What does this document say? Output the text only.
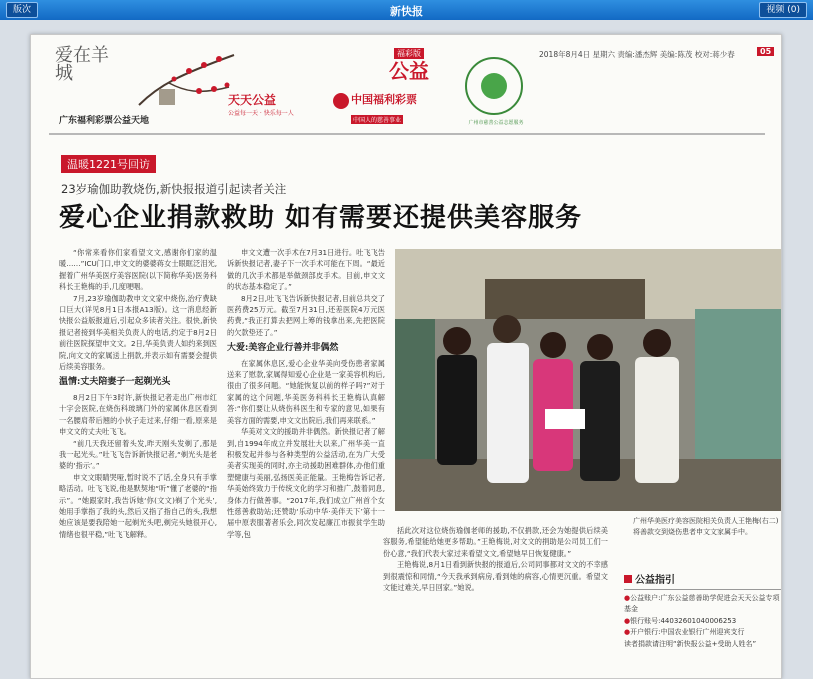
版次	新快报	视频 (0)
爱在羊城
广东福利彩票公益天地
福彩版
公益
天天公益
公益每一天 · 快乐每一人
中国福利彩票
中国人的慈善事业	广州市慈善公益志愿服务
2018年8月4日 星期六 责编:潘杰辉 美编:陈茂 校对:蒋少春	05
温暖1221号回访
23岁瑜伽助教烧伤,新快报报道引起读者关注
爱心企业捐款救助 如有需要还提供美容服务

“你常来看你们家看望文文,感谢你们家的温暖……”ICU门口,申文文的婆婆蒋女士眼眶泛泪光,握着广州华美医疗美容医院(以下简称华美)医务科科长王艳梅的手,几度哽咽。

7月,23岁瑜伽助教申文文家中烧伤,治疗费缺口巨大(详见8月1日本报A13版)。这一消息经新快报公益版报道后,引起众多读者关注。很快,新快报记者接到华美相关负责人的电话,约定于8月2日前往医院探望申文文。2日,华美负责人如约来到医院,向文文的家属送上捐款,并表示如有需要会提供后续美容服务。

温情:丈夫陪妻子一起剃光头

8月2日下午3时许,新快报记者走出广州市红十字会医院,在烧伤科玻璃门外的家属休息区看到一名腰肩带后翘的小伙子走过来,仔细一看,原来是申文文的丈夫吐飞飞。

“前几天我还留着头发,昨天刚头发剃了,那是我一起光头。”吐飞飞告诉新快报记者,“剃光头是老婆的‘指示’。”

申文文眼睛哭哑,暂时说不了话,全身只有手掌略活动。吐飞飞说,他是默契地“听”懂了老婆的“指示”。“她跟家时,我告诉她‘你(文文)剃了个光头’,她用手掌指了我的头,然后又指了指自己的头,我想她应该是要我陪她一起剃光头吧,剃完头她很开心,情绪也很平稳,”吐飞飞解释。

申文文遭一次手术在7月31日进行。吐飞飞告诉新快报记者,妻子下一次手术可能在下周。“最近做的几次手术都是举做颈部皮手术。目前,申文文的状态基本稳定了。”

8月2日,吐飞飞告诉新快报记者,目前总共交了医药费25万元。截至7月31日,还差医院4万元医药费,“我正打算去把网上筹的钱拿出来,先把医院的欠款垫还了。”

大爱:美容企业行善并非偶然

在家属休息区,爱心企业华美向受伤患者家属送来了慰款,家属得知爱心企业是一家美容机构后,很由了很多问题。“她能恢复以前的样子吗?”对于家属的这个问题,华美医务科科长王艳梅认真解答:“你们要让从烧伤科医生和专家的意见,如果有美容方面的需要,申文文出院后,我们再来联系。”

华美对文文的援助并非偶然。新快报记者了解到,自1994年成立并发展壮大以来,广州华美一直积极发起并参与各种类型的公益活动,在为广大受美者实现美的同时,亦主动援助困难群体,办他们重塑健康与美丽,弘扬医美正能量。王艳梅告诉记者,华美始终致力于传统文化的学习和推广,鼓着同息,身体力行做善事。“2017年,我们成立广州首个女性慈善救助站;还赞助‘乐动中华·美伴天下’第十一届中原表服著者乐会,同次发起廉江市振贫学生助学等,包

广州华美医疗美容医院相关负责人王艳梅(右二)将善款交到烧伤患者申文文家属手中。

括此次对这位烧伤瑜伽老师的援助,不仅捐款,还会为她提供后续美容服务,希望能给她更多帮助。”王艳梅说,对文文的捐助是公司员工们一份心意,“我们代表大家过来看望文文,希望她早日恢复健康。”

王艳梅说,8月1日看到新快报的报道后,公司同事都对文文的不幸感到很震惊和同情,“今天我承到病房,看到她的病容,心情更沉重。希望文文能过难关,早日回家。”她说。

公益指引
●公益账户:广东公益慈善助学促进会天天公益专项基金
●银行账号:44032601040006253
●开户银行:中国农业银行广州迎宾支行
读者捐款请注明“新快报公益+受助人姓名”
